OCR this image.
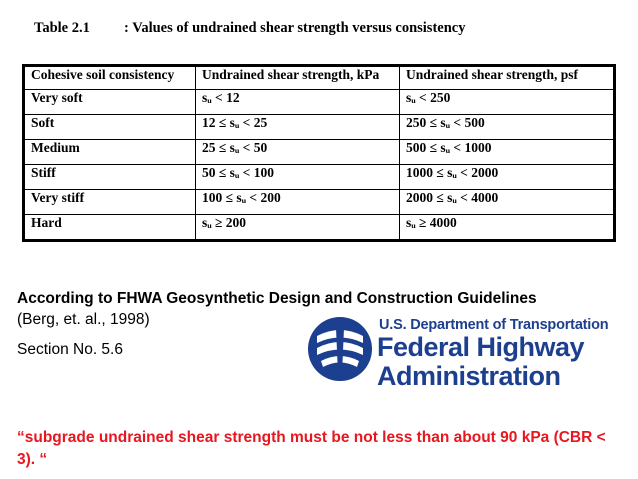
Table 2.1 : Values of undrained shear strength versus consistency
Cohesive soil consistency	Undrained shear strength, kPa	Undrained shear strength, psf
Very soft	sᵤ < 12	sᵤ < 250
Soft	12 ≤ sᵤ < 25	250 ≤ sᵤ < 500
Medium	25 ≤ sᵤ < 50	500 ≤ sᵤ < 1000
Stiff	50 ≤ sᵤ < 100	1000 ≤ sᵤ < 2000
Very stiff	100 ≤ sᵤ < 200	2000 ≤ sᵤ < 4000
Hard	sᵤ ≥ 200	sᵤ ≥ 4000
According to FHWA Geosynthetic Design and Construction Guidelines
(Berg, et. al., 1998)
Section No. 5.6
U.S. Department of Transportation
Federal Highway
Administration
“subgrade undrained shear strength must be not less than about 90 kPa (CBR < 3). “
